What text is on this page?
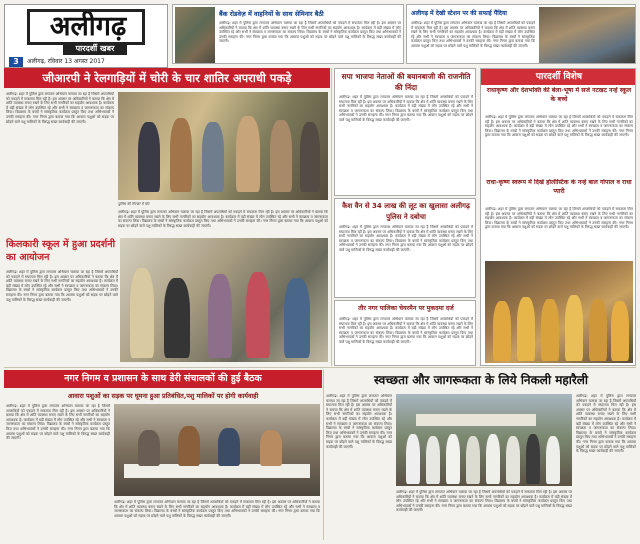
अलीगढ़
पारदर्शी खबर
3	अलीगढ़, रविवार 13 अगस्त 2017
बैंक रोडवेज़ में वाहनियों के साथ सेमिनार बैठी
अलीगढ़। शहर में पुलिस द्वारा लगातार अभियान चलाया जा रहा है जिसमें अपराधियों को पकड़ने में सफलता मिल रही है। इस अवसर पर अधिकारियों ने बताया कि क्षेत्र में शांति व्यवस्था बनाए रखने के लिए सभी नागरिकों का सहयोग आवश्यक है। कार्यक्रम में बड़ी संख्या में लोग उपस्थित रहे और सभी ने स्वच्छता व जागरूकता का संकल्प लिया। विद्यालय के बच्चों ने सांस्कृतिक कार्यक्रम प्रस्तुत किए तथा अभिभावकों ने उनकी सराहना की। नगर निगम द्वारा बताया गया कि आवारा पशुओं को सड़क पर छोड़ने वाले पशु मालिकों के विरुद्ध सख्त कार्यवाही की जाएगी।
अलीगढ़ में देखी स्टेशन पर की सफाई पैंदिया
अलीगढ़। शहर में पुलिस द्वारा लगातार अभियान चलाया जा रहा है जिसमें अपराधियों को पकड़ने में सफलता मिल रही है। इस अवसर पर अधिकारियों ने बताया कि क्षेत्र में शांति व्यवस्था बनाए रखने के लिए सभी नागरिकों का सहयोग आवश्यक है। कार्यक्रम में बड़ी संख्या में लोग उपस्थित रहे और सभी ने स्वच्छता व जागरूकता का संकल्प लिया। विद्यालय के बच्चों ने सांस्कृतिक कार्यक्रम प्रस्तुत किए तथा अभिभावकों ने उनकी सराहना की। नगर निगम द्वारा बताया गया कि आवारा पशुओं को सड़क पर छोड़ने वाले पशु मालिकों के विरुद्ध सख्त कार्यवाही की जाएगी।
जीआरपी ने रेलगाड़ियों में चोरी के चार शातिर अपराधी पकड़े
अलीगढ़। शहर में पुलिस द्वारा लगातार अभियान चलाया जा रहा है जिसमें अपराधियों को पकड़ने में सफलता मिल रही है। इस अवसर पर अधिकारियों ने बताया कि क्षेत्र में शांति व्यवस्था बनाए रखने के लिए सभी नागरिकों का सहयोग आवश्यक है। कार्यक्रम में बड़ी संख्या में लोग उपस्थित रहे और सभी ने स्वच्छता व जागरूकता का संकल्प लिया। विद्यालय के बच्चों ने सांस्कृतिक कार्यक्रम प्रस्तुत किए तथा अभिभावकों ने उनकी सराहना की। नगर निगम द्वारा बताया गया कि आवारा पशुओं को सड़क पर छोड़ने वाले पशु मालिकों के विरुद्ध सख्त कार्यवाही की जाएगी।
पुलिस की गिरफ्त में चोर
अलीगढ़। शहर में पुलिस द्वारा लगातार अभियान चलाया जा रहा है जिसमें अपराधियों को पकड़ने में सफलता मिल रही है। इस अवसर पर अधिकारियों ने बताया कि क्षेत्र में शांति व्यवस्था बनाए रखने के लिए सभी नागरिकों का सहयोग आवश्यक है। कार्यक्रम में बड़ी संख्या में लोग उपस्थित रहे और सभी ने स्वच्छता व जागरूकता का संकल्प लिया। विद्यालय के बच्चों ने सांस्कृतिक कार्यक्रम प्रस्तुत किए तथा अभिभावकों ने उनकी सराहना की। नगर निगम द्वारा बताया गया कि आवारा पशुओं को सड़क पर छोड़ने वाले पशु मालिकों के विरुद्ध सख्त कार्यवाही की जाएगी।
किलकारी स्कूल में हुआ प्रदर्शनी का आयोजन
अलीगढ़। शहर में पुलिस द्वारा लगातार अभियान चलाया जा रहा है जिसमें अपराधियों को पकड़ने में सफलता मिल रही है। इस अवसर पर अधिकारियों ने बताया कि क्षेत्र में शांति व्यवस्था बनाए रखने के लिए सभी नागरिकों का सहयोग आवश्यक है। कार्यक्रम में बड़ी संख्या में लोग उपस्थित रहे और सभी ने स्वच्छता व जागरूकता का संकल्प लिया। विद्यालय के बच्चों ने सांस्कृतिक कार्यक्रम प्रस्तुत किए तथा अभिभावकों ने उनकी सराहना की। नगर निगम द्वारा बताया गया कि आवारा पशुओं को सड़क पर छोड़ने वाले पशु मालिकों के विरुद्ध सख्त कार्यवाही की जाएगी।
सपा भाजपा नेताओं की बयानबाजी की राजनीति की निंदा
अलीगढ़। शहर में पुलिस द्वारा लगातार अभियान चलाया जा रहा है जिसमें अपराधियों को पकड़ने में सफलता मिल रही है। इस अवसर पर अधिकारियों ने बताया कि क्षेत्र में शांति व्यवस्था बनाए रखने के लिए सभी नागरिकों का सहयोग आवश्यक है। कार्यक्रम में बड़ी संख्या में लोग उपस्थित रहे और सभी ने स्वच्छता व जागरूकता का संकल्प लिया। विद्यालय के बच्चों ने सांस्कृतिक कार्यक्रम प्रस्तुत किए तथा अभिभावकों ने उनकी सराहना की। नगर निगम द्वारा बताया गया कि आवारा पशुओं को सड़क पर छोड़ने वाले पशु मालिकों के विरुद्ध सख्त कार्यवाही की जाएगी।
कैश वैन से 34 लाख की लूट का खुलासा अलीगढ़ पुलिस ने दबोचा
अलीगढ़। शहर में पुलिस द्वारा लगातार अभियान चलाया जा रहा है जिसमें अपराधियों को पकड़ने में सफलता मिल रही है। इस अवसर पर अधिकारियों ने बताया कि क्षेत्र में शांति व्यवस्था बनाए रखने के लिए सभी नागरिकों का सहयोग आवश्यक है। कार्यक्रम में बड़ी संख्या में लोग उपस्थित रहे और सभी ने स्वच्छता व जागरूकता का संकल्प लिया। विद्यालय के बच्चों ने सांस्कृतिक कार्यक्रम प्रस्तुत किए तथा अभिभावकों ने उनकी सराहना की। नगर निगम द्वारा बताया गया कि आवारा पशुओं को सड़क पर छोड़ने वाले पशु मालिकों के विरुद्ध सख्त कार्यवाही की जाएगी।
तौर नगर पालिका चेयरमैन पर मुकदमा दर्ज
अलीगढ़। शहर में पुलिस द्वारा लगातार अभियान चलाया जा रहा है जिसमें अपराधियों को पकड़ने में सफलता मिल रही है। इस अवसर पर अधिकारियों ने बताया कि क्षेत्र में शांति व्यवस्था बनाए रखने के लिए सभी नागरिकों का सहयोग आवश्यक है। कार्यक्रम में बड़ी संख्या में लोग उपस्थित रहे और सभी ने स्वच्छता व जागरूकता का संकल्प लिया। विद्यालय के बच्चों ने सांस्कृतिक कार्यक्रम प्रस्तुत किए तथा अभिभावकों ने उनकी सराहना की। नगर निगम द्वारा बताया गया कि आवारा पशुओं को सड़क पर छोड़ने वाले पशु मालिकों के विरुद्ध सख्त कार्यवाही की जाएगी।
पारदर्शी विशेष
राधाकृष्ण और देशभक्ति की बेला-भूषा में सजे नटखट नन्हें स्कूल के बच्चे
अलीगढ़। शहर में पुलिस द्वारा लगातार अभियान चलाया जा रहा है जिसमें अपराधियों को पकड़ने में सफलता मिल रही है। इस अवसर पर अधिकारियों ने बताया कि क्षेत्र में शांति व्यवस्था बनाए रखने के लिए सभी नागरिकों का सहयोग आवश्यक है। कार्यक्रम में बड़ी संख्या में लोग उपस्थित रहे और सभी ने स्वच्छता व जागरूकता का संकल्प लिया। विद्यालय के बच्चों ने सांस्कृतिक कार्यक्रम प्रस्तुत किए तथा अभिभावकों ने उनकी सराहना की। नगर निगम द्वारा बताया गया कि आवारा पशुओं को सड़क पर छोड़ने वाले पशु मालिकों के विरुद्ध सख्त कार्यवाही की जाएगी।
राधा-कृष्ण स्वरूप में दिखे होलीस्टिक के नन्हे बाल गोपाल व राधा प्यारी
अलीगढ़। शहर में पुलिस द्वारा लगातार अभियान चलाया जा रहा है जिसमें अपराधियों को पकड़ने में सफलता मिल रही है। इस अवसर पर अधिकारियों ने बताया कि क्षेत्र में शांति व्यवस्था बनाए रखने के लिए सभी नागरिकों का सहयोग आवश्यक है। कार्यक्रम में बड़ी संख्या में लोग उपस्थित रहे और सभी ने स्वच्छता व जागरूकता का संकल्प लिया। विद्यालय के बच्चों ने सांस्कृतिक कार्यक्रम प्रस्तुत किए तथा अभिभावकों ने उनकी सराहना की। नगर निगम द्वारा बताया गया कि आवारा पशुओं को सड़क पर छोड़ने वाले पशु मालिकों के विरुद्ध सख्त कार्यवाही की जाएगी।
नगर निगम व प्रशासन के साथ डेरी संचालकों की हुई बैठक
आवारा पशुओं का सड़क पर घूमना हुआ प्रतिबंधित,पशु मालिकों पर होगी कार्यवाही
अलीगढ़। शहर में पुलिस द्वारा लगातार अभियान चलाया जा रहा है जिसमें अपराधियों को पकड़ने में सफलता मिल रही है। इस अवसर पर अधिकारियों ने बताया कि क्षेत्र में शांति व्यवस्था बनाए रखने के लिए सभी नागरिकों का सहयोग आवश्यक है। कार्यक्रम में बड़ी संख्या में लोग उपस्थित रहे और सभी ने स्वच्छता व जागरूकता का संकल्प लिया। विद्यालय के बच्चों ने सांस्कृतिक कार्यक्रम प्रस्तुत किए तथा अभिभावकों ने उनकी सराहना की। नगर निगम द्वारा बताया गया कि आवारा पशुओं को सड़क पर छोड़ने वाले पशु मालिकों के विरुद्ध सख्त कार्यवाही की जाएगी।
अलीगढ़। शहर में पुलिस द्वारा लगातार अभियान चलाया जा रहा है जिसमें अपराधियों को पकड़ने में सफलता मिल रही है। इस अवसर पर अधिकारियों ने बताया कि क्षेत्र में शांति व्यवस्था बनाए रखने के लिए सभी नागरिकों का सहयोग आवश्यक है। कार्यक्रम में बड़ी संख्या में लोग उपस्थित रहे और सभी ने स्वच्छता व जागरूकता का संकल्प लिया। विद्यालय के बच्चों ने सांस्कृतिक कार्यक्रम प्रस्तुत किए तथा अभिभावकों ने उनकी सराहना की। नगर निगम द्वारा बताया गया कि आवारा पशुओं को सड़क पर छोड़ने वाले पशु मालिकों के विरुद्ध सख्त कार्यवाही की जाएगी।
स्वच्छता और जागरूकता के लिये निकली महारैली
अलीगढ़। शहर में पुलिस द्वारा लगातार अभियान चलाया जा रहा है जिसमें अपराधियों को पकड़ने में सफलता मिल रही है। इस अवसर पर अधिकारियों ने बताया कि क्षेत्र में शांति व्यवस्था बनाए रखने के लिए सभी नागरिकों का सहयोग आवश्यक है। कार्यक्रम में बड़ी संख्या में लोग उपस्थित रहे और सभी ने स्वच्छता व जागरूकता का संकल्प लिया। विद्यालय के बच्चों ने सांस्कृतिक कार्यक्रम प्रस्तुत किए तथा अभिभावकों ने उनकी सराहना की। नगर निगम द्वारा बताया गया कि आवारा पशुओं को सड़क पर छोड़ने वाले पशु मालिकों के विरुद्ध सख्त कार्यवाही की जाएगी।
अलीगढ़। शहर में पुलिस द्वारा लगातार अभियान चलाया जा रहा है जिसमें अपराधियों को पकड़ने में सफलता मिल रही है। इस अवसर पर अधिकारियों ने बताया कि क्षेत्र में शांति व्यवस्था बनाए रखने के लिए सभी नागरिकों का सहयोग आवश्यक है। कार्यक्रम में बड़ी संख्या में लोग उपस्थित रहे और सभी ने स्वच्छता व जागरूकता का संकल्प लिया। विद्यालय के बच्चों ने सांस्कृतिक कार्यक्रम प्रस्तुत किए तथा अभिभावकों ने उनकी सराहना की। नगर निगम द्वारा बताया गया कि आवारा पशुओं को सड़क पर छोड़ने वाले पशु मालिकों के विरुद्ध सख्त कार्यवाही की जाएगी।
अलीगढ़। शहर में पुलिस द्वारा लगातार अभियान चलाया जा रहा है जिसमें अपराधियों को पकड़ने में सफलता मिल रही है। इस अवसर पर अधिकारियों ने बताया कि क्षेत्र में शांति व्यवस्था बनाए रखने के लिए सभी नागरिकों का सहयोग आवश्यक है। कार्यक्रम में बड़ी संख्या में लोग उपस्थित रहे और सभी ने स्वच्छता व जागरूकता का संकल्प लिया। विद्यालय के बच्चों ने सांस्कृतिक कार्यक्रम प्रस्तुत किए तथा अभिभावकों ने उनकी सराहना की। नगर निगम द्वारा बताया गया कि आवारा पशुओं को सड़क पर छोड़ने वाले पशु मालिकों के विरुद्ध सख्त कार्यवाही की जाएगी।
